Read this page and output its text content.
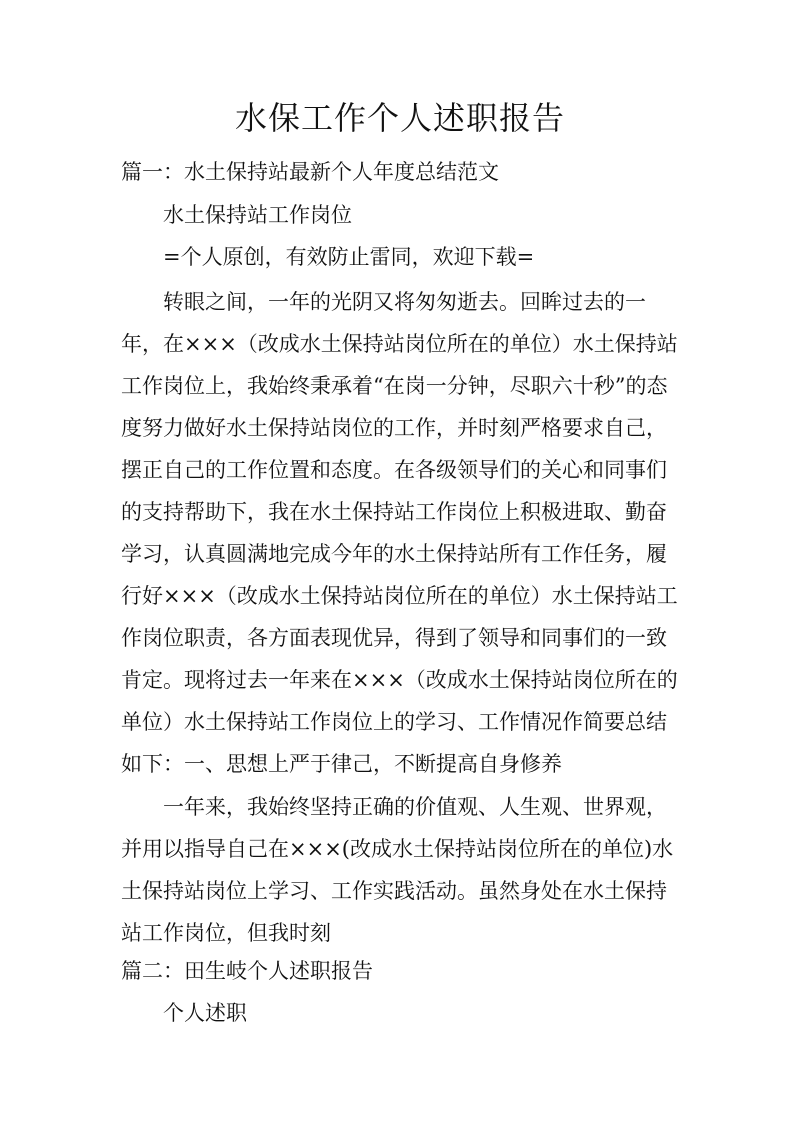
水保工作个人述职报告

篇一：水土保持站最新个人年度总结范文

水土保持站工作岗位

=个人原创，有效防止雷同，欢迎下载=

转眼之间，一年的光阴又将匆匆逝去。回眸过去的一年，在×××（改成水土保持站岗位所在的单位）水土保持站工作岗位上，我始终秉承着“在岗一分钟，尽职六十秒”的态度努力做好水土保持站岗位的工作，并时刻严格要求自己，摆正自己的工作位置和态度。在各级领导们的关心和同事们的支持帮助下，我在水土保持站工作岗位上积极进取、勤奋学习，认真圆满地完成今年的水土保持站所有工作任务，履行好×××（改成水土保持站岗位所在的单位）水土保持站工作岗位职责，各方面表现优异，得到了领导和同事们的一致肯定。现将过去一年来在×××（改成水土保持站岗位所在的单位）水土保持站工作岗位上的学习、工作情况作简要总结如下：一、思想上严于律己，不断提高自身修养

一年来，我始终坚持正确的价值观、人生观、世界观，并用以指导自己在×××(改成水土保持站岗位所在的单位)水土保持站岗位上学习、工作实践活动。虽然身处在水土保持站工作岗位，但我时刻

篇二：田生岐个人述职报告

个人述职
